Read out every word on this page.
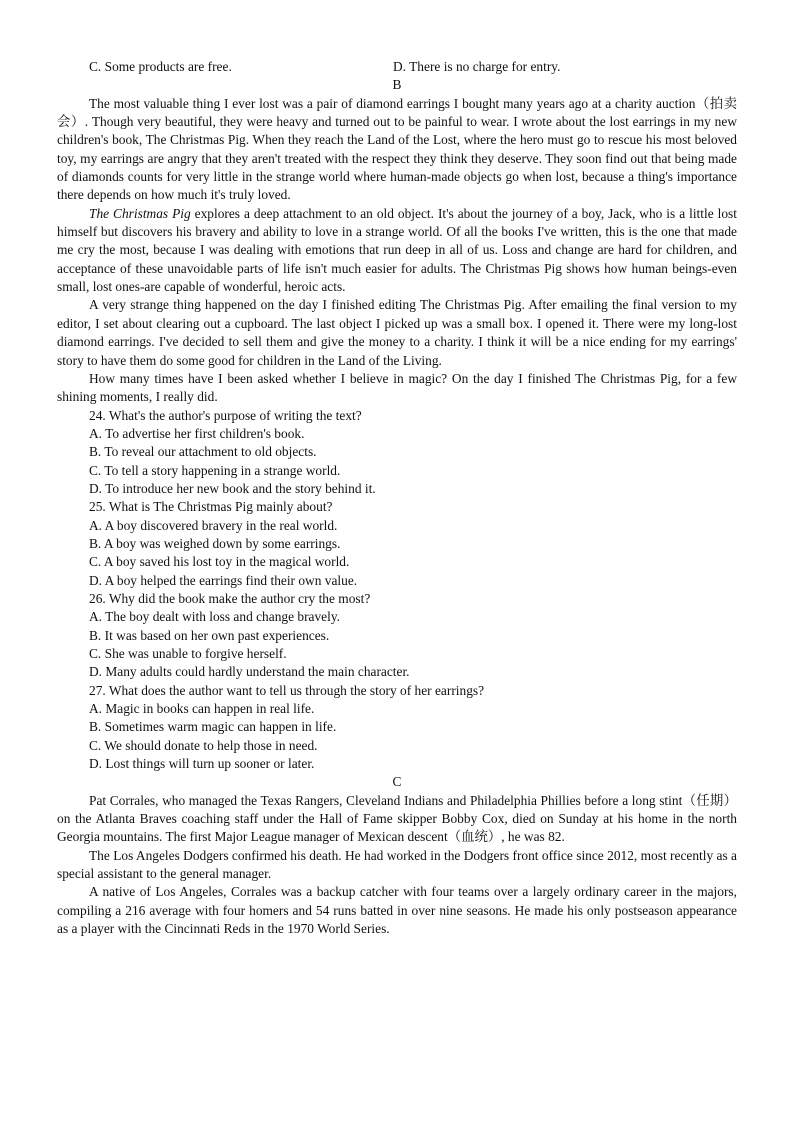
C. Some products are free.	D. There is no charge for entry.
B

The most valuable thing I ever lost was a pair of diamond earrings I bought many years ago at a charity auction（拍卖会）. Though very beautiful, they were heavy and turned out to be painful to wear. I wrote about the lost earrings in my new children's book, The Christmas Pig. When they reach the Land of the Lost, where the hero must go to rescue his most beloved toy, my earrings are angry that they aren't treated with the respect they think they deserve. They soon find out that being made of diamonds counts for very little in the strange world where human-made objects go when lost, because a thing's importance there depends on how much it's truly loved.

The Christmas Pig explores a deep attachment to an old object. It's about the journey of a boy, Jack, who is a little lost himself but discovers his bravery and ability to love in a strange world. Of all the books I've written, this is the one that made me cry the most, because I was dealing with emotions that run deep in all of us. Loss and change are hard for children, and acceptance of these unavoidable parts of life isn't much easier for adults. The Christmas Pig shows how human beings-even small, lost ones-are capable of wonderful, heroic acts.

A very strange thing happened on the day I finished editing The Christmas Pig. After emailing the final version to my editor, I set about clearing out a cupboard. The last object I picked up was a small box. I opened it. There were my long-lost diamond earrings. I've decided to sell them and give the money to a charity. I think it will be a nice ending for my earrings' story to have them do some good for children in the Land of the Living.

How many times have I been asked whether I believe in magic? On the day I finished The Christmas Pig, for a few shining moments, I really did.

24. What's the author's purpose of writing the text?
A. To advertise her first children's book.
B. To reveal our attachment to old objects.
C. To tell a story happening in a strange world.
D. To introduce her new book and the story behind it.
25. What is The Christmas Pig mainly about?
A. A boy discovered bravery in the real world.
B. A boy was weighed down by some earrings.
C. A boy saved his lost toy in the magical world.
D. A boy helped the earrings find their own value.
26. Why did the book make the author cry the most?
A. The boy dealt with loss and change bravely.
B. It was based on her own past experiences.
C. She was unable to forgive herself.
D. Many adults could hardly understand the main character.
27. What does the author want to tell us through the story of her earrings?
A. Magic in books can happen in real life.
B. Sometimes warm magic can happen in life.
C. We should donate to help those in need.
D. Lost things will turn up sooner or later.
C

Pat Corrales, who managed the Texas Rangers, Cleveland Indians and Philadelphia Phillies before a long stint（任期） on the Atlanta Braves coaching staff under the Hall of Fame skipper Bobby Cox, died on Sunday at his home in the north Georgia mountains. The first Major League manager of Mexican descent（血统）, he was 82.

The Los Angeles Dodgers confirmed his death. He had worked in the Dodgers front office since 2012, most recently as a special assistant to the general manager.

A native of Los Angeles, Corrales was a backup catcher with four teams over a largely ordinary career in the majors, compiling a 216 average with four homers and 54 runs batted in over nine seasons. He made his only postseason appearance as a player with the Cincinnati Reds in the 1970 World Series.
